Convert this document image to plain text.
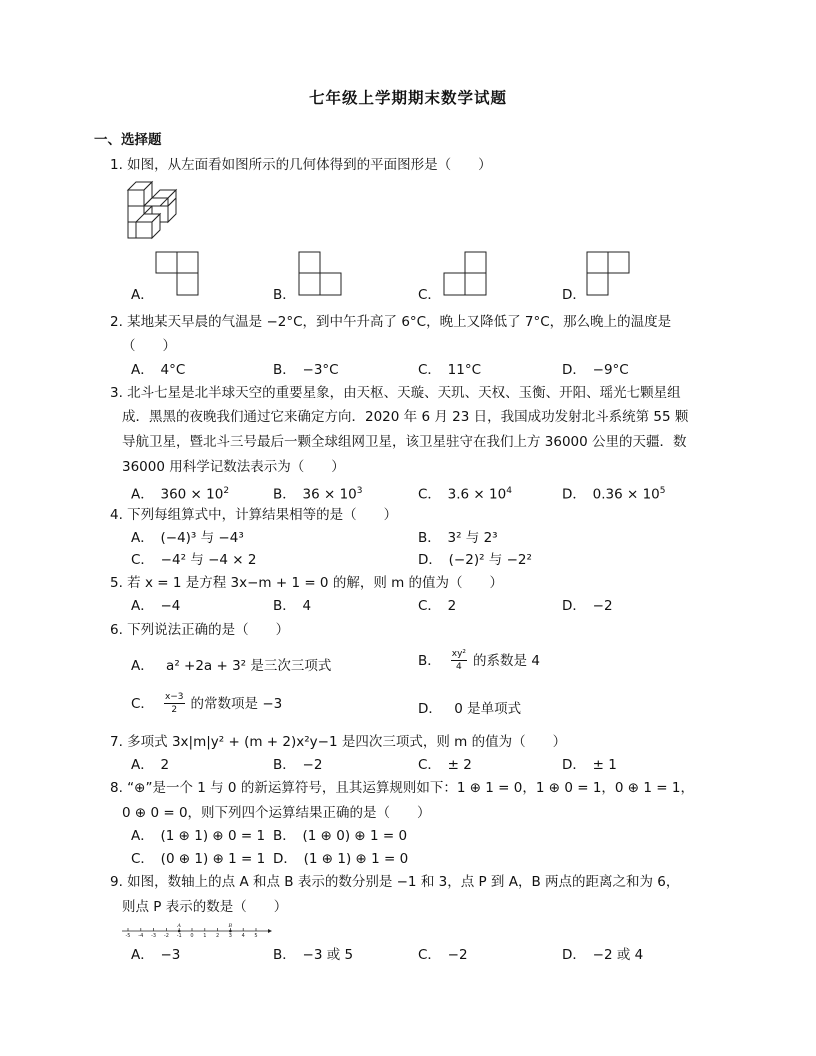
七年级上学期期末数学试题
一、选择题
1. 如图，从左面看如图所示的几何体得到的平面图形是（　　）
A．	B．	C．	D．
2. 某地某天早晨的气温是 −2°C，到中午升高了 6°C，晚上又降低了 7°C，那么晚上的温度是
（　　）
A．　4°C	B．　−3°C	C．　11°C	D．　−9°C
3. 北斗七星是北半球天空的重要星象，由天枢、天璇、天玑、天权、玉衡、开阳、瑶光七颗星组
成．黑黑的夜晚我们通过它来确定方向．2020 年 6 月 23 日，我国成功发射北斗系统第 55 颗
导航卫星，暨北斗三号最后一颗全球组网卫星，该卫星驻守在我们上方 36000 公里的天疆．数
36000 用科学记数法表示为（　　）
A．　$360 \times 10^2$	B．　$36 \times 10^3$	C．　$3.6 \times 10^4$	D．　$0.36 \times 10^5$
4. 下列每组算式中，计算结果相等的是（　　）
A．　(−4)³ 与 −4³	B．　3² 与 2³
C．　−4² 与 −4 × 2	D．　(−2)² 与 −2²
5. 若 x = 1 是方程 3x−m + 1 = 0 的解，则 m 的值为（　　）
A．　−4	B．　4	C．　2	D．　−2
6. 下列说法正确的是（　　）
A． a² +2a + 3² 是三次三项式	B． xy²
4 的系数是 4
C． x−3
2 的常数项是 −3	D． 0 是单项式
7. 多项式 3x|m|y² + (m + 2)x²y−1 是四次三项式，则 m 的值为（　　）
A．　2	B．　−2	C．　± 2	D．　± 1
8. “⊕”是一个 1 与 0 的新运算符号，且其运算规则如下：1 ⊕ 1 = 0，1 ⊕ 0 = 1，0 ⊕ 1 = 1，
0 ⊕ 0 = 0，则下列四个运算结果正确的是（　　）
A．　(1 ⊕ 1) ⊕ 0 = 1 B．　(1 ⊕ 0) ⊕ 1 = 0
C．　(0 ⊕ 1) ⊕ 1 = 1 D．　(1 ⊕ 1) ⊕ 1 = 0
9. 如图，数轴上的点 A 和点 B 表示的数分别是 −1 和 3，点 P 到 A，B 两点的距离之和为 6，
则点 P 表示的数是（　　）
-5 -4 -3 -2 -1 0 1 2 3 4 5
A	B
A．　−3	B．　−3 或 5	C．　−2	D．　−2 或 4
